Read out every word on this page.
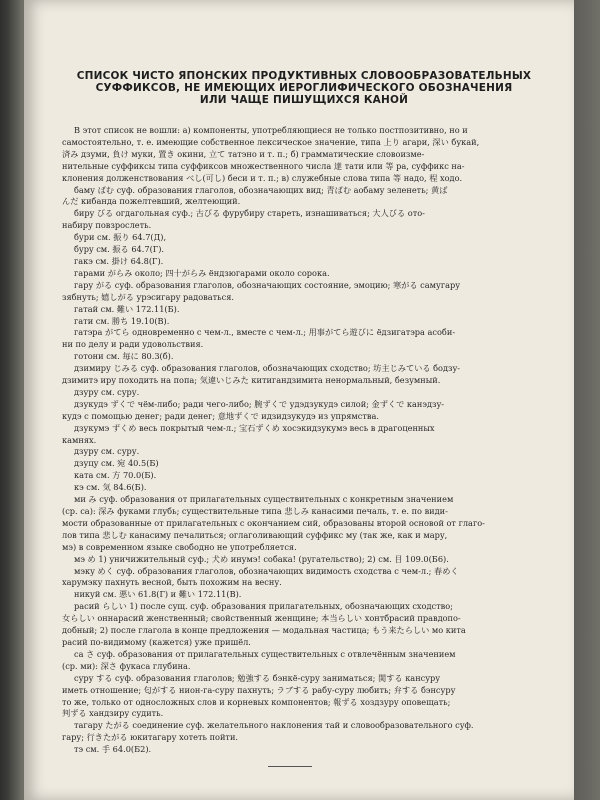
СПИСОК ЧИСТО ЯПОНСКИХ ПРОДУКТИВНЫХ СЛОВООБРАЗОВАТЕЛЬНЫХ
СУФФИКСОВ, НЕ ИМЕЮЩИХ ИЕРОГЛИФИЧЕСКОГО ОБОЗНАЧЕНИЯ
ИЛИ ЧАЩЕ ПИШУЩИХСЯ КАНОЙ

В этот список не вошли: а) компоненты, употребляющиеся не только постпозитивно, но и

самостоятельно, т. е. имеющие собственное лексическое значение, типа 上り агари, 深い букай,

済み дзуми, 負け муки, 置き oкини, 立て татэно и т. п.; б) грамматические словоизме-

нительные суффиксы типа суффиксов множественного числа 達 тати или 等 ра, суффикс на-

клонения долженствования べし(可し) беси и т. п.; в) служебные слова типа 等 надо, 程 ходо.

баму ばむ суф. образования глаголов, обозначающих вид; 青ばむ аобаму зеленеть; 黄ば

んだ кибанда пожелтевший, желтеющий.

бирy びる огдагольная суф.; 古びる фурубиру стареть, изнашиваться; 大人びる ото-

набиру повзрослеть.

бури см. 振り 64.7(Д),

бурy см. 振る 64.7(Г).

гакэ см. 掛け 64.8(Г).

гарами がらみ около; 四十がらみ ёндзюгарами около сорока.

гару がる суф. образования глаголов, обозначающих состояние, эмоцию; 寒がる самугару

зябнуть; 嬉しがる урэсигару радоваться.

гатай см. 難い 172.11(Б).

гати см. 勝ち 19.10(В).

гатэра がてら одновременно с чем-л., вместе с чем-л.; 用事がてら遊びに ёдзигатэра асоби-

ни по делу и ради удовольствия.

готони см. 毎に 80.3(б).

дзимиру じみる суф. образования глаголов, обозначающих сходство; 坊主じみている бодзу-

дзимитэ иру походить на попа; 気違いじみた китигандзимита ненормальный, безумный.

дзуру см. суру.

дзукудэ ずくで чём-либо; ради чего-либо; 腕ずくで удэдзукудэ силой; 金ずくで канэдзу-

кудэ с помощью денег; ради денег; 意地ずくで идзидзукудэ из упрямства.

дзукумэ ずくめ весь покрытый чем-л.; 宝石ずくめ хосэкидзукумэ весь в драгоценных

камнях.

дзуру см. суру.

дзуцу см. 宛 40.5(Б)

ката см. 方 70.0(Б).

кэ см. 気 84.6(Б).

ми み суф. образования от прилагательных существительных с конкретным значением

(ср. са): 深み фуками глубь; существительные типа 悲しみ канасими печаль, т. е. по види-

мости образованные от прилагательных с окончанием сий, образованы второй основой от глаго-

лов типа 悲しむ канасиму печалиться; оглаголивающий суффикс му (так же, как и мару,

мэ) в современном языке свободно не употребляется.

мэ め 1) уничижительный суф.; 犬め инумэ! собака! (ругательство); 2) см. 目 109.0(Б6).

мэку めく суф. образования глаголов, обозначающих видимость сходства с чем-л.; 春めく

харумэку пахнуть весной, быть похожим на весну.

никуй см. 悪い 61.8(Г) и 難い 172.11(В).

расий らしい 1) после сущ. суф. образования прилагательных, обозначающих сходство;

女らしい оннарасий женственный; свойственный женщине; 本当らしい хонтбрасий правдопо-

добный; 2) после глагола в конце предложения — модальная частица; もう来たらしい мо кита

расий по-видимому (кажется) уже пришёл.

са さ суф. образования от прилагательных существительных с отвлечённым значением

(ср. ми): 深さ фукаса глубина.

суру する суф. образования глаголов; 勉強する бэнкё-суру заниматься; 関する кансуру

иметь отношение; 匂がする нион-га-суру пахнуть; ラブする рабу-суру любить; 弁する бэнсуру

то же, только от односложных слов и корневых компонентов; 報ずる хоздзуру оповещать;

判ずる хандзиру судить.

тагару たがる соединение суф. желательного наклонения тай и словообразовательного суф.

гару; 行きたがる юкитагару хотеть пойти.

тэ см. 手 64.0(Б2).
